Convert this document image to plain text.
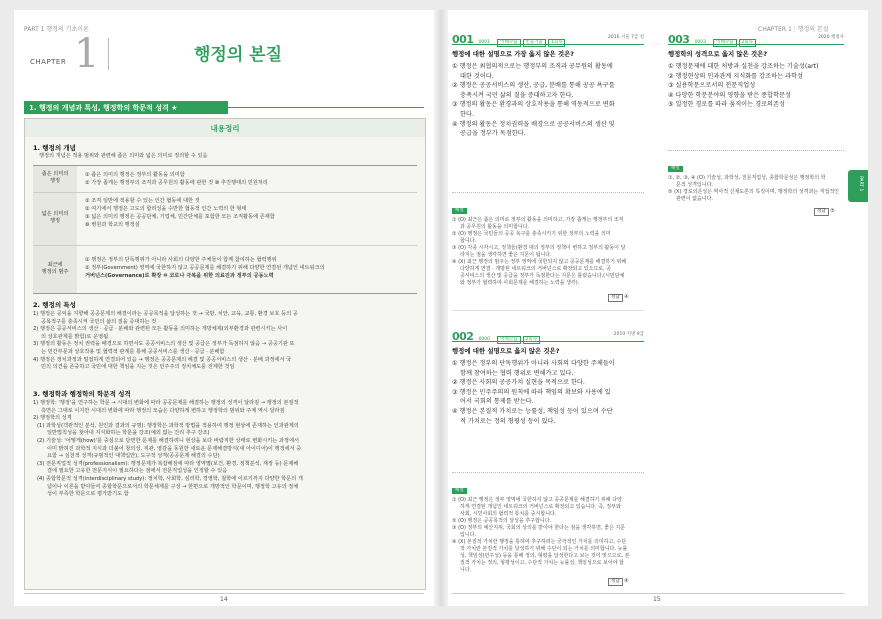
PART 1 행정의 기초이론
CHAPTER 1	행정의 본질
1. 행정의 개념과 특성, 행정학의 학문적 성격 ★
내용정리
1. 행정의 개념
행정의 개념은 적용 범위와 관련해 좁은 의미와 넓은 의미로 정의할 수 있음
좁은 의미의
행정
① 좁은 의미의 행정은 정부의 활동을 의미함
② 가장 좁게는 행정부의 조직과 공무원의 활동에 관한 것 ⑩ 추진행태의 민원처리
넓은 의미의
행정
① 조직 일반에 적용할 수 있는 인간 협동에 대한 것
② 여기에서 행정은 고도의 합리성을 수반한 협동적 인간 노력의 한 형태
③ 넓은 의미의 행정은 공공단체, 기업체, 민간단체를 포함한 모든 조직활동에 존재함
⑩ 병원과 학교의 행정실
최근에
행정의 범주
① 행정은 정부의 단독행위가 아니라 사회의 다양한 주체들이 함께 참여하는 협력행위
② 정부(Government) 영역에 국한하지 않고 공공문제를 해결하기 위해 다양한 연결된 개념인 네트워크의
거버넌스(Governance)로 확장 ⑩ 코로나 극복을 위한 의료진과 정부의 공동노력
2. 행정의 특성
1) 행정은 공익을 지향해 공공문제의 해결이라는 공공목적을 달성하는 것 → 국방, 치안, 교육, 교통, 환경 보호 등의 공
공목적구를 충족시켜 국민의 삶의 질을 증대하는 것
2) 행정은 공공서비스의 생산 · 공급 · 분배와 관련된 모든 활동을 의미하는 개방체제(외부환경과 관련시키는 사이
의 상호관계를 밝힘)로 운영됨
3) 행정의 활동은 정치 권력을 배경으로 하면서도 공공서비스의 생산 및 공급은 정부가 독점하지 않음 → 공공기관 또
는 민간부문과 상호작용 및 협력적 관계를 통해 공공서비스를 생산 · 공급 · 분배함
4) 행정은 정치과정과 밀접하게 연결되어 있음 → 행정은 공공문제의 해결 및 공공서비스의 생산 · 분배 과정에서 국
민의 의견을 존중하고 국민에 대한 책임을 지는 것은 민주주의 정치체도를 전제한 것임
3. 행정학과 행정학의 학문적 성격
1) 행정학: '행정'을 연구하는 학문 → 시대의 변화에 따라 공공문제를 해결하는 행정의 성격이 달라짐 → 행정의 본질적
측면은 그대로 이지만 시대의 변화에 따라 행정의 모습은 다양하게 변하고 행정학의 범위와 주제 역시 달라짐
2) 행정학의 성격
(1) 과학성(객관적인 분석, 원인과 결과의 규명): 행정학은 과학적 방법을 적용하여 행정 현상에 존재하는 인과관계의
일반법칙성을 찾아내 지식화하는 학문을 강조(예외 없는 진리 추구 강조)
(2) 기술성: '어떻게(how)'를 중심으로 당면한 문제를 해결하려니 현상을 보다 바람직한 상태로 변화시키는 과정에서
이미 밝혀진 과학적 지식과 더불어 창의성, 직관, 영감을 동원한 새로운 문제해결방식(새 아이디어)이 행정에서 중
요함 → 실천적 성격(규범적인 대책입안), 도구적 성격(공공문제 해결의 수단)
(3) 전문직업적 성격(professionalism): 행정문제가 복잡해짐에 따라 영역별(보건, 환경, 정책분석, 재정 등) 문제해
결에 필요한 고유한 전문지식이 필요하다는 점에서 전문직업성을 인정할 수 있음
(4) 종합학문적 성격(interdisciplinary study): 정치학, 사회학, 심리학, 경영학, 철학에 이르기까지 다양한 학문의 개
념이나 이론을 받아들여 종합학문으로서의 학문체계를 구성 → 한편으로 개방적인 학문이며, 행정학 고유의 정체
성이 부족한 학문으로 평가받기도 함
14
CHAPTER 1 | 행정의 본질
PART 1
001 0001 이해학습 빈출기출 1회독
2016 서울 7급 설
행정에 대한 설명으로 가장 옳지 않은 것은?
① 행정은 최협의적으로는 행정부의 조직과 공무원의 활동에
대한 것이다.
② 행정은 공공서비스의 생산, 공급, 분배를 통해 공공 욕구를
충족시켜 국민 삶의 질을 증대하고자 한다.
③ 행정의 활동은 환경과의 상호작용을 통해 역동적으로 변화
한다.
④ 행정의 활동은 정치권력을 배경으로 공공서비스의 생산 및
공급을 정부가 독점한다.
해설
① (O) 최근은 좁은 의미로 정부의 활동을 의미하고, 가장 좁게는 행정부의 조직
과 공무원의 활동을 의미합니다.
② (O) 행정은 국민들의 공공 욕구를 충족시키기 위한 정부의 노력을 의미
합니다.
③ (O) 각종 시각시고, 정책들(환경 대의 정부의 정책이 변하고 정부의 활동이 달
라지는 점을 생각하면 좋은 지문이 됩니다.
④ (X) 최근 행정의 범주는 정부 영역에 국한되지 않고 공공문제를 해결하기 위해
다양하게 연결 · 개방된 네트워크의 거버넌스로 확장되고 있으므로, 공
공서비스의 생산 및 공급을 정부가 독점한다는 지문은 틀렸습니다.(시민단체
와 정부가 협력하여 사회문제를 해결하는 노력을 생각).
정답 ④
002 0000 이해학습 2회독
2010 지방 9급
행정에 대한 설명으로 옳지 않은 것은?
① 행정은 정부의 단독행위가 아니라 사회의 다양한 주체들이
함께 참여하는 협력 행위로 변해가고 있다.
② 행정은 사회의 공공가치 실현을 목적으로 한다.
③ 행정은 민주주의의 원칙에 따라 책임의 확보와 사용에 있
어서 국회의 통제를 받는다.
④ 행정은 본질적 가치로는 능률성, 책임성 등이 있으며 수단
적 가치로는 정의 형평성 등이 있다.
해설
① (O) 최근 행정은 정부 영역에 국한하지 않고 공공문제를 해결하기 위해 다양
하게 연결된 개념인 네트워크의 거버넌스로 확장되고 있습니다. 즉, 정부와
사회, 시민사회의 협력적 통치를 중시합니다.
② (O) 행정은 공공목적의 달성을 추구합니다.
③ (O) 정부의 예산지위, 국회의 상의를 받아야 한다는 점을 생각하면, 좋은 지문
입니다.
④ (X) 본질적 가치란 행정을 통하여 추구하려는 궁극적인 가치를 의미하고, 수단
적 가치란 본질적 가치를 달성하기 위해 수단이 되는 가치를 의미합니다. 능률
성, 책임성(민주성) 등을 통해 정의, 형평을 달성한다고 보는 것이 맞으므로, 본
질적 가치는 정의, 형평성이고, 수단적 가치는 능률성, 책임성으로 보아야 합
니다.
정답 ④
003 0003 이해학습 2회독
2020 행정사
행정학의 성격으로 옳지 않은 것은?
① 행정문제에 대한 처방과 실천을 강조하는 기술성(art)
② 행정현상의 인과관계 지식화를 강조하는 과학성
③ 실용학문으로서의 전문직업성
④ 다양한 학문분야의 영향을 받은 종합학문성
⑤ 일정한 경로를 따라 움직이는 경로의존성
해설
①, ②, ③, ④ (O) 기술성, 과학성, 전문직업성, 종합학문성은 행정학의 학
문적 성격입니다.
⑤ (X) 경로의존성은 역사적 신제도론의 특징이며, 행정학의 성격과는 직접적인
관련이 없습니다.
정답 ⑤
15
